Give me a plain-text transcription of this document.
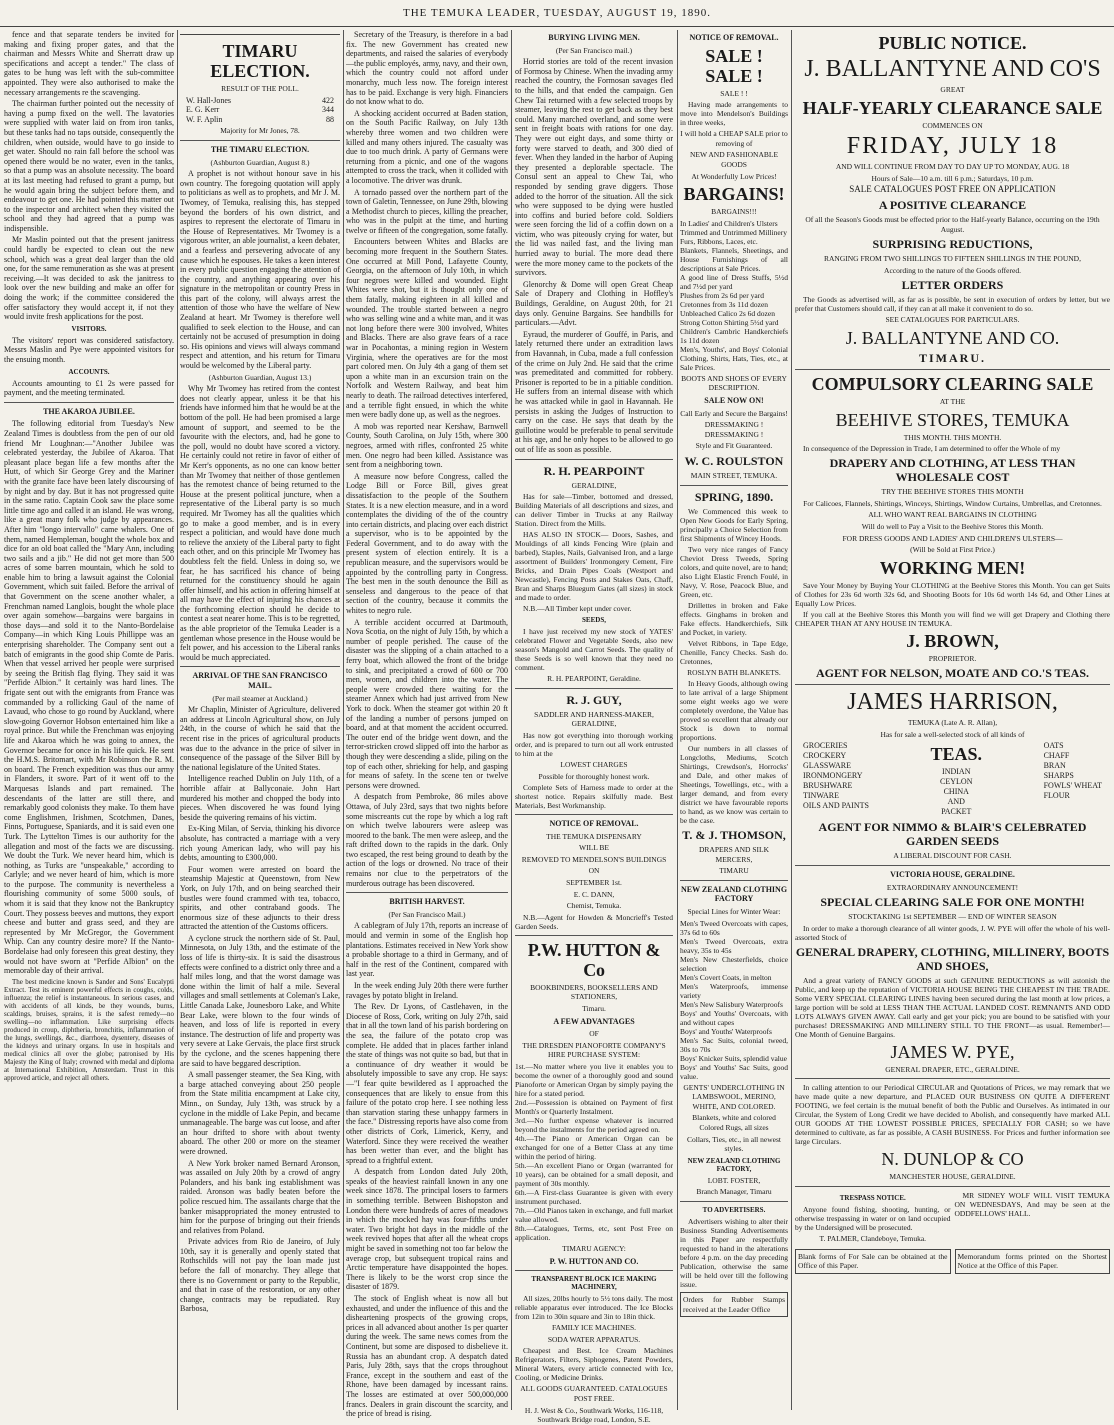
THE TEMUKA LEADER, TUESDAY, AUGUST 19, 1890.

fence and that separate tenders be invited for making and fixing proper gates, and that the chairman and Messrs White and Sherratt draw up specifications and accept a tender." The class of gates to be hung was left with the sub-committee appointed. They were also authorised to make the necessary arrangements re the scavenging.

The chairman further pointed out the necessity of having a pump fixed on the well. The lavatories were supplied with water laid on from iron tanks, but these tanks had no taps outside, consequently the children, when outside, would have to go inside to get water. Should no rain fall before the school was opened there would be no water, even in the tanks, so that a pump was an absolute necessity. The board at its last meeting had refused to grant a pump, but he would again bring the subject before them, and endeavour to get one. He had pointed this matter out to the inspector and architect when they visited the school and they had agreed that a pump was indispensible.

Mr Maslin pointed out that the present janitress could hardly be expected to clean out the new school, which was a great deal larger than the old one, for the same remuneration as she was at present receiving.—It was decided to ask the janitress to look over the new building and make an offer for doing the work; if the committee considered the offer satisfactory they would accept it, if not they would invite fresh applications for the post.

VISITORS.

The visitors' report was considered satisfactory. Messrs Maslin and Pye were appointed visitors for the ensuing month.

ACCOUNTS.

Accounts amounting to £1 2s were passed for payment, and the meeting terminated.

THE AKAROA JUBILEE.

The following editorial from Tuesday's New Zealand Times is doubtless from the pen of our old friend Mr Loughnan:—"Another Jubilee was celebrated yesterday, the Jubilee of Akaroa. That pleasant place began life a few months after the Hutt, of which Sir George Grey and the Mariner with the granite face have been lately discoursing of by night and by day. But it has not progressed quite in the same ratio. Captain Cook saw the place some little time ago and called it an island. He was wrong, like a great many folk who judge by appearances. After him "longo intervallo" came whalers. One of them, named Hempleman, bought the whole box and dice for an old boat called the "Mary Ann, including two sails and a jib." He did not get more than 500 acres of some barren mountain, which he sold to enable him to bring a lawsuit against the Colonial Government, which suit failed. Before the arrival of that Government on the scene another whaler, a Frenchman named Langlois, bought the whole place over again somehow—bargains were bargains in those days—and sold it to the Nanto-Bordelaise Company—in which King Louis Phillippe was an enterprising shareholder. The Company sent out a batch of emigrants in the good ship Comte de Paris. When that vessel arrived her people were surprised by seeing the British flag flying. They said it was "Perfide Albion." It certainly was hard lines. The frigate sent out with the emigrants from France was commanded by a rollicking Gaul of the name of Lavaud, who chose to go round by Auckland, where slow-going Governor Hobson entertained him like a royal prince. But while the Frenchman was enjoying life and Akaroa which he was going to annex, the Governor became for once in his life quick. He sent the H.M.S. Britomart, with Mr Robinson the R. M. on board. The French expedition was thus our army in Flanders, it swore. Part of it went off to the Marquesas Islands and part remained. The descendants of the latter are still there, and remarkably good colonists they make. To them have come Englishmen, Irishmen, Scotchmen, Danes, Finns, Portuguese, Spaniards, and it is said even one Turk. The Lyttelton Times is our authority for the allegation and most of the facts we are discussing. We doubt the Turk. We never heard him, which is nothing, as Turks are "unspeakable," according to Carlyle; and we never heard of him, which is more to the purpose. The community is nevertheless a flourishing community of some 5000 souls, of whom it is said that they know not the Bankruptcy Court. They possess beeves and muttons, they export cheese and butter and grass seed, and they are represented by Mr McGregor, the Government Whip. Can any country desire more? If the Nanto-Bordelaise had only foreseen this great destiny, they would not have sworn at "Perfide Albion" on the memorable day of their arrival.

The best medicine known is Sander and Sons' Eucalypti Extract. Test its eminent powerful effects in coughs, colds, influenza; the relief is instantaneous. In serious cases, and with accidents of all kinds, be they wounds, burns, scaldings, bruises, sprains, it is the safest remedy—no swelling—no inflammation. Like surprising effects produced in croup, diphtheria, bronchitis, inflammation of the lungs, swellings, &c., diarrhoea, dysentery, diseases of the kidneys and urinary organs. In use in hospitals and medical clinics all over the globe; patronised by His Majesty the King of Italy; crowned with medal and diploma at International Exhibition, Amsterdam. Trust in this approved article, and reject all others.

TIMARU ELECTION.
RESULT OF THE POLL.
W. Hall-Jones	422
E. G. Kerr	344
W. F. Aplin	88
Majority for Mr Jones, 78.
THE TIMARU ELECTION.
(Ashburton Guardian, August 8.)

A prophet is not without honour save in his own country. The foregoing quotation will apply to politicians as well as to prophets, and Mr J. M. Twomey, of Temuka, realising this, has stepped beyond the borders of his own district, and aspires to represent the electorate of Timaru in the House of Representatives. Mr Twomey is a vigorous writer, an able journalist, a keen debater, and a fearless and persevering advocate of any cause which he espouses. He takes a keen interest in every public question engaging the attention of the country, and anything appearing over his signature in the metropolitan or country Press in this part of the colony, will always arrest the attention of those who have the welfare of New Zealand at heart. Mr Twomey is therefore well qualified to seek election to the House, and can certainly not be accused of presumption in doing so. His opinions and views will always command respect and attention, and his return for Timaru would be welcomed by the Liberal party.

(Ashburton Guardian, August 13.)

Why Mr Twomey has retired from the contest does not clearly appear, unless it be that his friends have informed him that he would be at the bottom of the poll. He had been promised a large amount of support, and seemed to be the favourite with the electors, and, had he gone to the poll, would no doubt have scored a victory. He certainly could not retire in favor of either of Mr Kerr's opponents, as no one can know better than Mr Twomey that neither of those gentlemen has the remotest chance of being returned to the House at the present political juncture, when a representative of the Liberal party is so much required. Mr Twomey has all the qualities which go to make a good member, and is in every respect a politician, and would have done much to relieve the anxiety of the Liberal party to fight each other, and on this principle Mr Twomey has doubtless felt the field. Unless in doing so, we fear, he has sacrificed his chance of being returned for the constituency should he again offer himself, and his action in offering himself at all may have the effect of injuring his chances at the forthcoming election should he decide to contest a seat nearer home. This is to be regretted, as the able proprietor of the Temuka Leader is a gentleman whose presence in the House would be felt power, and his accession to the Liberal ranks would be much appreciated.

ARRIVAL OF THE SAN FRANCISCO MAIL.
(Per mail steamer at Auckland.)

Mr Chaplin, Minister of Agriculture, delivered an address at Lincoln Agricultural show, on July 24th, in the course of which he said that the recent rise in the prices of agricultural products was due to the advance in the price of silver in consequence of the passage of the Silver Bill by the national legislature of the United States.

Intelligence reached Dublin on July 11th, of a horrible affair at Ballyconaie. John Hart murdered his mother and chopped the body into pieces. When discovered he was found lying beside the quivering remains of his victim.

Ex-King Milan, of Servia, thinking his divorce absolute, has contracted a marriage with a very rich young American lady, who will pay his debts, amounting to £300,000.

Four women were arrested on board the steamship Majestic at Queenstown, from New York, on July 17th, and on being searched their bustles were found crammed with tea, tobacco, spirits, and other contraband goods. The enormous size of these adjuncts to their dress attracted the attention of the Customs officers.

A cyclone struck the northern side of St. Paul, Minnesota, on July 13th, and the estimate of the loss of life is thirty-six. It is said the disastrous effects were confined to a district only three and a half miles long, and that the worst damage was done within the limit of half a mile. Several villages and small settlements at Coleman's Lake, Little Canada Lake, Jounesboro Lake, and White Bear Lake, were blown to the four winds of heaven, and loss of life is reported in every instance. The destruction of life and property was very severe at Lake Gervais, the place first struck by the cyclone, and the scenes happening there are said to have beggared description.

A small passenger steamer, the Sea King, with a barge attached conveying about 250 people from the State militia encampment at Lake city, Minn., on Sunday, July 13th, was struck by a cyclone in the middle of Lake Pepin, and became unmanageable. The barge was cut loose, and after an hour drifted to shore with about twenty aboard. The other 200 or more on the steamer were drowned.

A New York broker named Bernard Aronson, was assailed on July 20th by a crowd of angry Polanders, and his bank ing establishment was raided. Aronson was badly beaten before the police rescued him. The assailants charge that the banker misappropriated the money entrusted to him for the purpose of bringing out their friends and relatives from Poland.

Private advices from Rio de Janeiro, of July 10th, say it is generally and openly stated that Rothschilds will not pay the loan made just before the fall of monarchy. They allege that there is no Government or party to the Republic, and that in case of the restoration, or any other change, contracts may be repudiated. Ruy Barbosa,

Secretary of the Treasury, is therefore in a bad fix. The new Government has created new departments, and raised the salaries of everybody—the public employés, army, navy, and their own, which the country could not afford under monarchy, much less now. The foreign interest has to be paid. Exchange is very high. Financiers do not know what to do.

A shocking accident occurred at Baden station, on the South Pacific Railway, on July 13th whereby three women and two children were killed and many others injured. The casualty was due to too much drink. A party of Germans were returning from a picnic, and one of the wagons attempted to cross the track, when it collided with a locomotive. The driver was drunk.

A tornado passed over the northern part of the town of Galetin, Tennessee, on June 29th, blowing a Methodist church to pieces, killing the preacher, who was in the pulpit at the time, and hurting twelve or fifteen of the congregation, some fatally.

Encounters between Whites and Blacks are becoming more frequent in the Southern States. One occurred at Mill Pond, Lafayette County, Georgia, on the afternoon of July 10th, in which four negroes were killed and wounded. Eight Whites were shot, but it is thought only one of them fatally, making eighteen in all killed and wounded. The trouble started between a negro who was selling wine and a white man, and it was not long before there were 300 involved, Whites and Blacks. There are also grave fears of a race war in Pocahontas, a mining region in Western Virginia, where the operatives are for the most part colored men. On July 4th a gang of them set upon a white man in an excursion train on the Norfolk and Western Railway, and beat him nearly to death. The railroad detectives interfered, and a terrible fight ensued, in which the white men were badly done up, as well as the negroes.

A mob was reported near Kershaw, Barnwell County, South Carolina, on July 15th, where 300 negroes, armed with rifles, confronted 25 white men. One negro had been killed. Assistance was sent from a neighboring town.

A measure now before Congress, called the Lodge Bill or Force Bill, gives great dissatisfaction to the people of the Southern States. It is a new election measure, and in a word contemplates the dividing of the of the country into certain districts, and placing over each district a supervisor, who is to be appointed by the Federal Government, and to do away with the present system of election entirely. It is a republican measure, and the supervisors would be appointed by the controlling party in Congress. The best men in the south denounce the Bill as senseless and dangerous to the peace of that section of the country, because it commits the whites to negro rule.

A terrible accident occurred at Dartmouth, Nova Scotia, on the night of July 15th, by which a number of people perished. The cause of the disaster was the slipping of a chain attached to a ferry boat, which allowed the front of the bridge to sink, and precipitated a crowd of 600 or 700 men, women, and children into the water. The people were crowded there waiting for the steamer Annex which had just arrived from New York to dock. When the steamer got within 20 ft of the landing a number of persons jumped on board, and at that moment the accident occurred. The outer end of the bridge went down, and the terror-stricken crowd slipped off into the harbor as though they were descending a slide, piling on the top of each other, shrieking for help, and gasping for means of safety. In the scene ten or twelve persons were drowned.

A despatch from Pembroke, 86 miles above Ottawa, of July 23rd, says that two nights before some miscreants cut the rope by which a log raft on which twelve labourers were asleep was moored to the bank. The men were asleep, and the raft drifted down to the rapids in the dark. Only two escaped, the rest being ground to death by the action of the logs or drowned. No trace of their remains nor clue to the perpetrators of the murderous outrage has been discovered.

BRITISH HARVEST.
(Per San Francisco Mail.)

A cablegram of July 17th, reports an increase of mould and vermin in some of the English hop plantations. Estimates received in New York show a probable shortage to a third in Germany, and of half in the rest of the Continent, compared with last year.

In the week ending July 20th there were further ravages by potato blight in Ireland.

The Rev. Dr Lyons, of Castlehaven, in the Diocese of Ross, Cork, writing on July 27th, said that in all the town land of his parish bordering on the sea, the failure of the potato crop was complete. He added that in places farther inland the state of things was not quite so bad, but that in a continuance of dry weather it would be absolutely impossible to save any crop. He says:—"I fear quite bewildered as I approached the consequences that are likely to ensue from this failure of the potato crop here. I see nothing less than starvation staring these unhappy farmers in the face." Distressing reports have also come from other districts of Cork, Limerick, Kerry, and Waterford. Since they were received the weather has been wetter than ever, and the blight has spread to a frightful extent.

A despatch from London dated July 20th, speaks of the heaviest rainfall known in any one week since 1878. The principal losers to farmers in something terrible. Between Bishopston and London there were hundreds of acres of meadows in which the mocked hay was four-fifths under water. Two bright hot days in the middle of the week revived hopes that after all the wheat crops might be saved in something not too far below the average crop, but subsequent tropical rains and Arctic temperature have disappointed the hopes. There is likely to be the worst crop since the disaster of 1879.

The stock of English wheat is now all but exhausted, and under the influence of this and the disheartening prospects of the growing crops, prices in all advanced about another 1s per quarter during the week. The same news comes from the Continent, but some are disposed to disbelieve it. Russia has an abundant crop. A despatch dated Paris, July 28th, says that the crops throughout France, except in the southern and east of the Rhone, have been damaged by incessant rains. The losses are estimated at over 500,000,000 francs. Dealers in grain discount the scarcity, and the price of bread is rising.

BURYING LIVING MEN.
(Per San Francisco mail.)

Horrid stories are told of the recent invasion of Formosa by Chinese. When the invading army reached the country, the Formosan savages fled to the hills, and that ended the campaign. Gen Chew Tai returned with a few selected troops by steamer, leaving the rest to get back as they best could. Many marched overland, and some were sent in freight boats with rations for one day. They were out eight days, and some thirty or forty were starved to death, and 300 died of fever. When they landed in the harbor of Auping they presented a deplorable spectacle. The Consul sent an appeal to Chew Tai, who responded by sending grave diggers. Those added to the horror of the situation. All the sick who were supposed to be dying were hustled into coffins and buried before cold. Soldiers were seen forcing the lid of a coffin down on a victim, who was piteously crying for water, but the lid was nailed fast, and the living man hurried away to burial. The more dead there were the more money came to the pockets of the survivors.

Glenorchy & Dome will open Great Cheap Sale of Drapery and Clothing in Hoffley's Buildings, Geraldine, on August 20th, for 21 days only. Genuine Bargains. See handbills for particulars.—Advt.

Eyraud, the murderer of Gouffé, in Paris, and lately returned there under an extradition laws from Havannah, in Cuba, made a full confession of the crime on July 2nd. He said that the crime was premeditated and committed for robbery. Prisoner is reported to be in a pitiable condition. He suffers from an internal disease with which he was attacked while in gaol in Havannah. He persists in asking the Judges of Instruction to carry on the case. He says that death by the guillotine would be preferable to penal servitude at his age, and he only hopes to be allowed to go out of life as soon as possible.

R. H. PEARPOINT
GERALDINE,

Has for sale—Timber, bottomed and dressed, Building Materials of all descriptions and sizes, and can deliver Timber in Trucks at any Railway Station. Direct from the Mills.

HAS ALSO IN STOCK— Doors, Sashes, and Mouldings of all kinds Fencing Wire (plain and barbed), Staples, Nails, Galvanised Iron, and a large assortment of Builders' Ironmongery Cement, Fire Bricks, and Drain Pipes Coals (Westport and Newcastle), Fencing Posts and Stakes Oats, Chaff, Bran and Sharps Bluegum Gates (all sizes) in stock and made to order.

N.B.—All Timber kept under cover.

SEEDS,

I have just received my new stock of YATES' celebrated Flower and Vegetable Seeds, also new season's Mangold and Carrot Seeds. The quality of these Seeds is so well known that they need no comment.

R. H. PEARPOINT, Geraldine.
R. J. GUY,
SADDLER AND HARNESS-MAKER, GERALDINE,

Has now got everything into thorough working order, and is prepared to turn out all work entrusted to him at the

LOWEST CHARGES
Possible for thoroughly honest work.

Complete Sets of Harness made to order at the shortest notice. Repairs skilfully made. Best Materials, Best Workmanship.

NOTICE OF REMOVAL.
THE TEMUKA DISPENSARY
WILL BE
REMOVED TO MENDELSON'S BUILDINGS
ON
SEPTEMBER 1st.
E. C. DANN,
Chemist, Temuka.

N.B.—Agent for Howden & Moncrieff's Tested Garden Seeds.

P.W. HUTTON & Co
BOOKBINDERS, BOOKSELLERS AND STATIONERS,
Timaru.
A FEW ADVANTAGES
OF
THE DRESDEN PIANOFORTE COMPANY'S HIRE PURCHASE SYSTEM:
1st.—No matter where you live it enables you to become the owner of a thoroughly good and sound Pianoforte or American Organ by simply paying the hire for a stated period.
2nd.—Possession is obtained on Payment of first Month's or Quarterly Instalment.
3rd.—No further expense whatever is incurred beyond the instalments for the period agreed on.
4th.—The Piano or American Organ can be exchanged for one of a Better Class at any time within the period of hiring.
5th.—An excellent Piano or Organ (warranted for 10 years), can be obtained for a small deposit, and payment of 30s monthly.
6th.—A First-class Guarantee is given with every instrument purchased.
7th.—Old Pianos taken in exchange, and full market value allowed.
8th.—Catalogues, Terms, etc, sent Post Free on application.
TIMARU AGENCY:
P. W. HUTTON AND CO.
TRANSPARENT BLOCK ICE MAKING MACHINERY,

All sizes, 20lbs hourly to 5½ tons daily. The most reliable apparatus ever introduced. The Ice Blocks from 12in to 30in square and 3in to 18in thick.

FAMILY ICE MACHINES.
SODA WATER APPARATUS.

Cheapest and Best. Ice Cream Machines Refrigerators, Filters, Siphogenes, Patent Powders, Mineral Waters, every article connected with Ice, Cooling, or Medicine Drinks.

ALL GOODS GUARANTEED. CATALOGUES POST FREE.
H. J. West & Co., Southwark Works, 116-118, Southwark Bridge road, London, S.E.
NOTICE OF REMOVAL.
SALE ! SALE !
SALE ! !

Having made arrangements to move into Mendelson's Buildings in three weeks,

I will hold a CHEAP SALE prior to removing of
NEW AND FASHIONABLE GOODS
At Wonderfully Low Prices!
BARGAINS!
BARGAINS!!!
In Ladies' and Children's Ulsters
Trimmed and Untrimmed Millinery
Furs, Ribbons, Laces, etc.
Blankets, Flannels, Sheetings, and House Furnishings of all descriptions at Sale Prices.
A good line of Dress Stuffs, 5½d and 7½d per yard
Plushes from 2s 6d per yard
Cretonnes from 3s 11d dozen
Unbleached Calico 2s 6d dozen
Strong Cotton Shirting 5½d yard
Children's Cambric Handkerchiefs 1s 11d dozen
Men's, Youths', and Boys' Colonial Clothing, Shirts, Hats, Ties, etc., at Sale Prices.
BOOTS AND SHOES OF EVERY DESCRIPTION.
SALE NOW ON!
Call Early and Secure the Bargains!
DRESSMAKING ! DRESSMAKING !
Style and Fit Guaranteed.
W. C. ROULSTON
MAIN STREET, TEMUKA.
SPRING, 1890.

We Commenced this week to Open New Goods for Early Spring, principally a Choice Selection from first Shipments of Wincey Hoods.

Two very nice ranges of Fancy Cheviot Dress Tweeds, Spring colors, and quite novel, are to hand; also Light Elastic French Foulé, in Navy, V. Rose, Peacock Blue, and Green, etc.

Drillettes in broken and Fake effects. Ginghams in broken and Fake effects. Handkerchiefs, Silk and Pocket, in variety.

Velvet Ribbons, in Tape Edge, Chenille, Fancy Checks. Sash do. Cretonnes,

ROSLYN BATH BLANKETS.

In Heavy Goods, although owing to late arrival of a large Shipment some eight weeks ago we were completely overdone, the Value has proved so excellent that already our Stock is down to normal proportions.

Our numbers in all classes of Longcloths, Mediums, Scotch Shirtings, Crewdson's, Horrocks' and Dale, and other makes of Sheetings, Towellings, etc., with a larger demand, and from every district we have favourable reports to hand, as we know was certain to be the case.

T. & J. THOMSON,
DRAPERS AND SILK MERCERS,
TIMARU
NEW ZEALAND CLOTHING FACTORY
Special Lines for Winter Wear:
Men's Tweed Overcoats with capes, 37s 6d to 60s
Men's Tweed Overcoats, extra heavy, 35s to 45s
Men's New Chesterfields, choice selection
Men's Covert Coats, in melton
Men's Waterproofs, immense variety
Men's New Salisbury Waterproofs
Boys' and Youths' Overcoats, with and without capes
Boys' and Youths' Waterproofs
Men's Sac Suits, colonial tweed, 30s to 70s
Boys' Knicker Suits, splendid value
Boys' and Youths' Sac Suits, good value.
GENTS' UNDERCLOTHING IN LAMBSWOOL, MERINO, WHITE, AND COLORED.
Blankets, white and colored Colored Rugs, all sizes
Collars, Ties, etc., in all newest styles.
NEW ZEALAND CLOTHING FACTORY,
LOBT. FOSTER,
Branch Manager, Timaru
TO ADVERTISERS.

Advertisers wishing to alter their Business Standing Advertisements in this Paper are respectfully requested to hand in the alterations before 4 p.m. on the day preceding Publication, otherwise the same will be held over till the following issue.

Orders for Rubber Stamps received at the Leader Office
PUBLIC NOTICE.
J. BALLANTYNE AND CO'S
GREAT
HALF-YEARLY CLEARANCE SALE
COMMENCES ON
FRIDAY, JULY 18
AND WILL CONTINUE FROM DAY TO DAY UP TO MONDAY, AUG. 18
Hours of Sale—10 a.m. till 6 p.m.; Saturdays, 10 p.m.
SALE CATALOGUES POST FREE ON APPLICATION
A POSITIVE CLEARANCE
Of all the Season's Goods must be effected prior to the Half-yearly Balance, occurring on the 19th August.
SURPRISING REDUCTIONS,
RANGING FROM TWO SHILLINGS TO FIFTEEN SHILLINGS IN THE POUND,
According to the nature of the Goods offered.
LETTER ORDERS

The Goods as advertised will, as far as is possible, be sent in execution of orders by letter, but we prefer that Customers should call, if they can at all make it convenient to do so.

SEE CATALOGUES FOR PARTICULARS.
J. BALLANTYNE AND CO.
TIMARU.
COMPULSORY CLEARING SALE
AT THE
BEEHIVE STORES, TEMUKA
THIS MONTH. THIS MONTH.

In consequence of the Depression in Trade, I am determined to offer the Whole of my

DRAPERY AND CLOTHING, AT LESS THAN WHOLESALE COST
TRY THE BEEHIVE STORES THIS MONTH
For Calicoes, Flannels, Shirtings, Winceys, Shirtings, Window Curtains, Umbrellas, and Cretonnes.
ALL WHO WANT REAL BARGAINS IN CLOTHING
Will do well to Pay a Visit to the Beehive Stores this Month.
FOR DRESS GOODS AND LADIES' AND CHILDREN'S ULSTERS—
(Will be Sold at First Price.)
WORKING MEN!

Save Your Money by Buying Your CLOTHING at the Beehive Stores this Month. You can get Suits of Clothes for 23s 6d worth 32s 6d, and Shooting Boots for 10s 6d worth 14s 6d, and Other Lines at Equally Low Prices.

If you call at the Beehive Stores this Month you will find we will get Drapery and Clothing there CHEAPER THAN AT ANY HOUSE IN TEMUKA.

J. BROWN,
PROPRIETOR.
AGENT FOR NELSON, MOATE AND CO.'S TEAS.
JAMES HARRISON,
TEMUKA (Late A. R. Allan),
Has for sale a well-selected stock of all kinds of
GROCERIES
CROCKERY
GLASSWARE
IRONMONGERY
BRUSHWARE
TINWARE
OILS AND PAINTS
TEAS.
INDIAN
CEYLON
CHINA
AND
PACKET
OATS
CHAFF
BRAN
SHARPS
FOWLS' WHEAT
FLOUR
AGENT FOR NIMMO & BLAIR'S CELEBRATED GARDEN SEEDS
A LIBERAL DISCOUNT FOR CASH.
VICTORIA HOUSE, GERALDINE.
EXTRAORDINARY ANNOUNCEMENT!
SPECIAL CLEARING SALE FOR ONE MONTH!
STOCKTAKING 1st SEPTEMBER — END OF WINTER SEASON

In order to make a thorough clearance of all winter goods, J. W. PYE will offer the whole of his well-assorted Stock of

GENERAL DRAPERY, CLOTHING, MILLINERY, BOOTS AND SHOES,

And a great variety of FANCY GOODS at such GENUINE REDUCTIONS as will astonish the Public, and keep up the reputation of VICTORIA HOUSE BEING THE CHEAPEST IN THE TRADE. Some VERY SPECIAL CLEARING LINES having been secured during the last month at low prices, a large portion will be sold at LESS THAN THE ACTUAL LANDED COST. REMNANTS AND ODD LOTS ALWAYS GIVEN AWAY. Call early and get your pick; you are bound to be satisfied with your purchases! DRESSMAKING AND MILLINERY STILL TO THE FRONT—as usual. Remember!—One Month of Genuine Bargains.

JAMES W. PYE,
GENERAL DRAPER, ETC., GERALDINE.

In calling attention to our Periodical CIRCULAR and Quotations of Prices, we may remark that we have made quite a new departure, and PLACED OUR BUSINESS ON QUITE A DIFFERENT FOOTING, we feel certain is the mutual benefit of both the Public and Ourselves. As intimated in our Circular, the System of Long Credit we have decided to Abolish, and consequently have marked ALL OUR GOODS AT THE LOWEST POSSIBLE PRICES, SPECIALLY FOR CASH; so we have determined to cultivate, as far as possible, A CASH BUSINESS. For Prices and further information see large Circulars.

N. DUNLOP & CO
MANCHESTER HOUSE, GERALDINE.
TRESPASS NOTICE.

Anyone found fishing, shooting, hunting, or otherwise trespassing in water or on land occupied by the Undersigned will be prosecuted.

T. PALMER, Clandeboye, Temuka.

MR SIDNEY WOLF WILL VISIT TEMUKA ON WEDNESDAYS, And may be seen at the ODDFELLOWS' HALL.

Blank forms of For Sale can be obtained at the Office of this Paper.
Memorandum forms printed on the Shortest Notice at the Office of this Paper.
